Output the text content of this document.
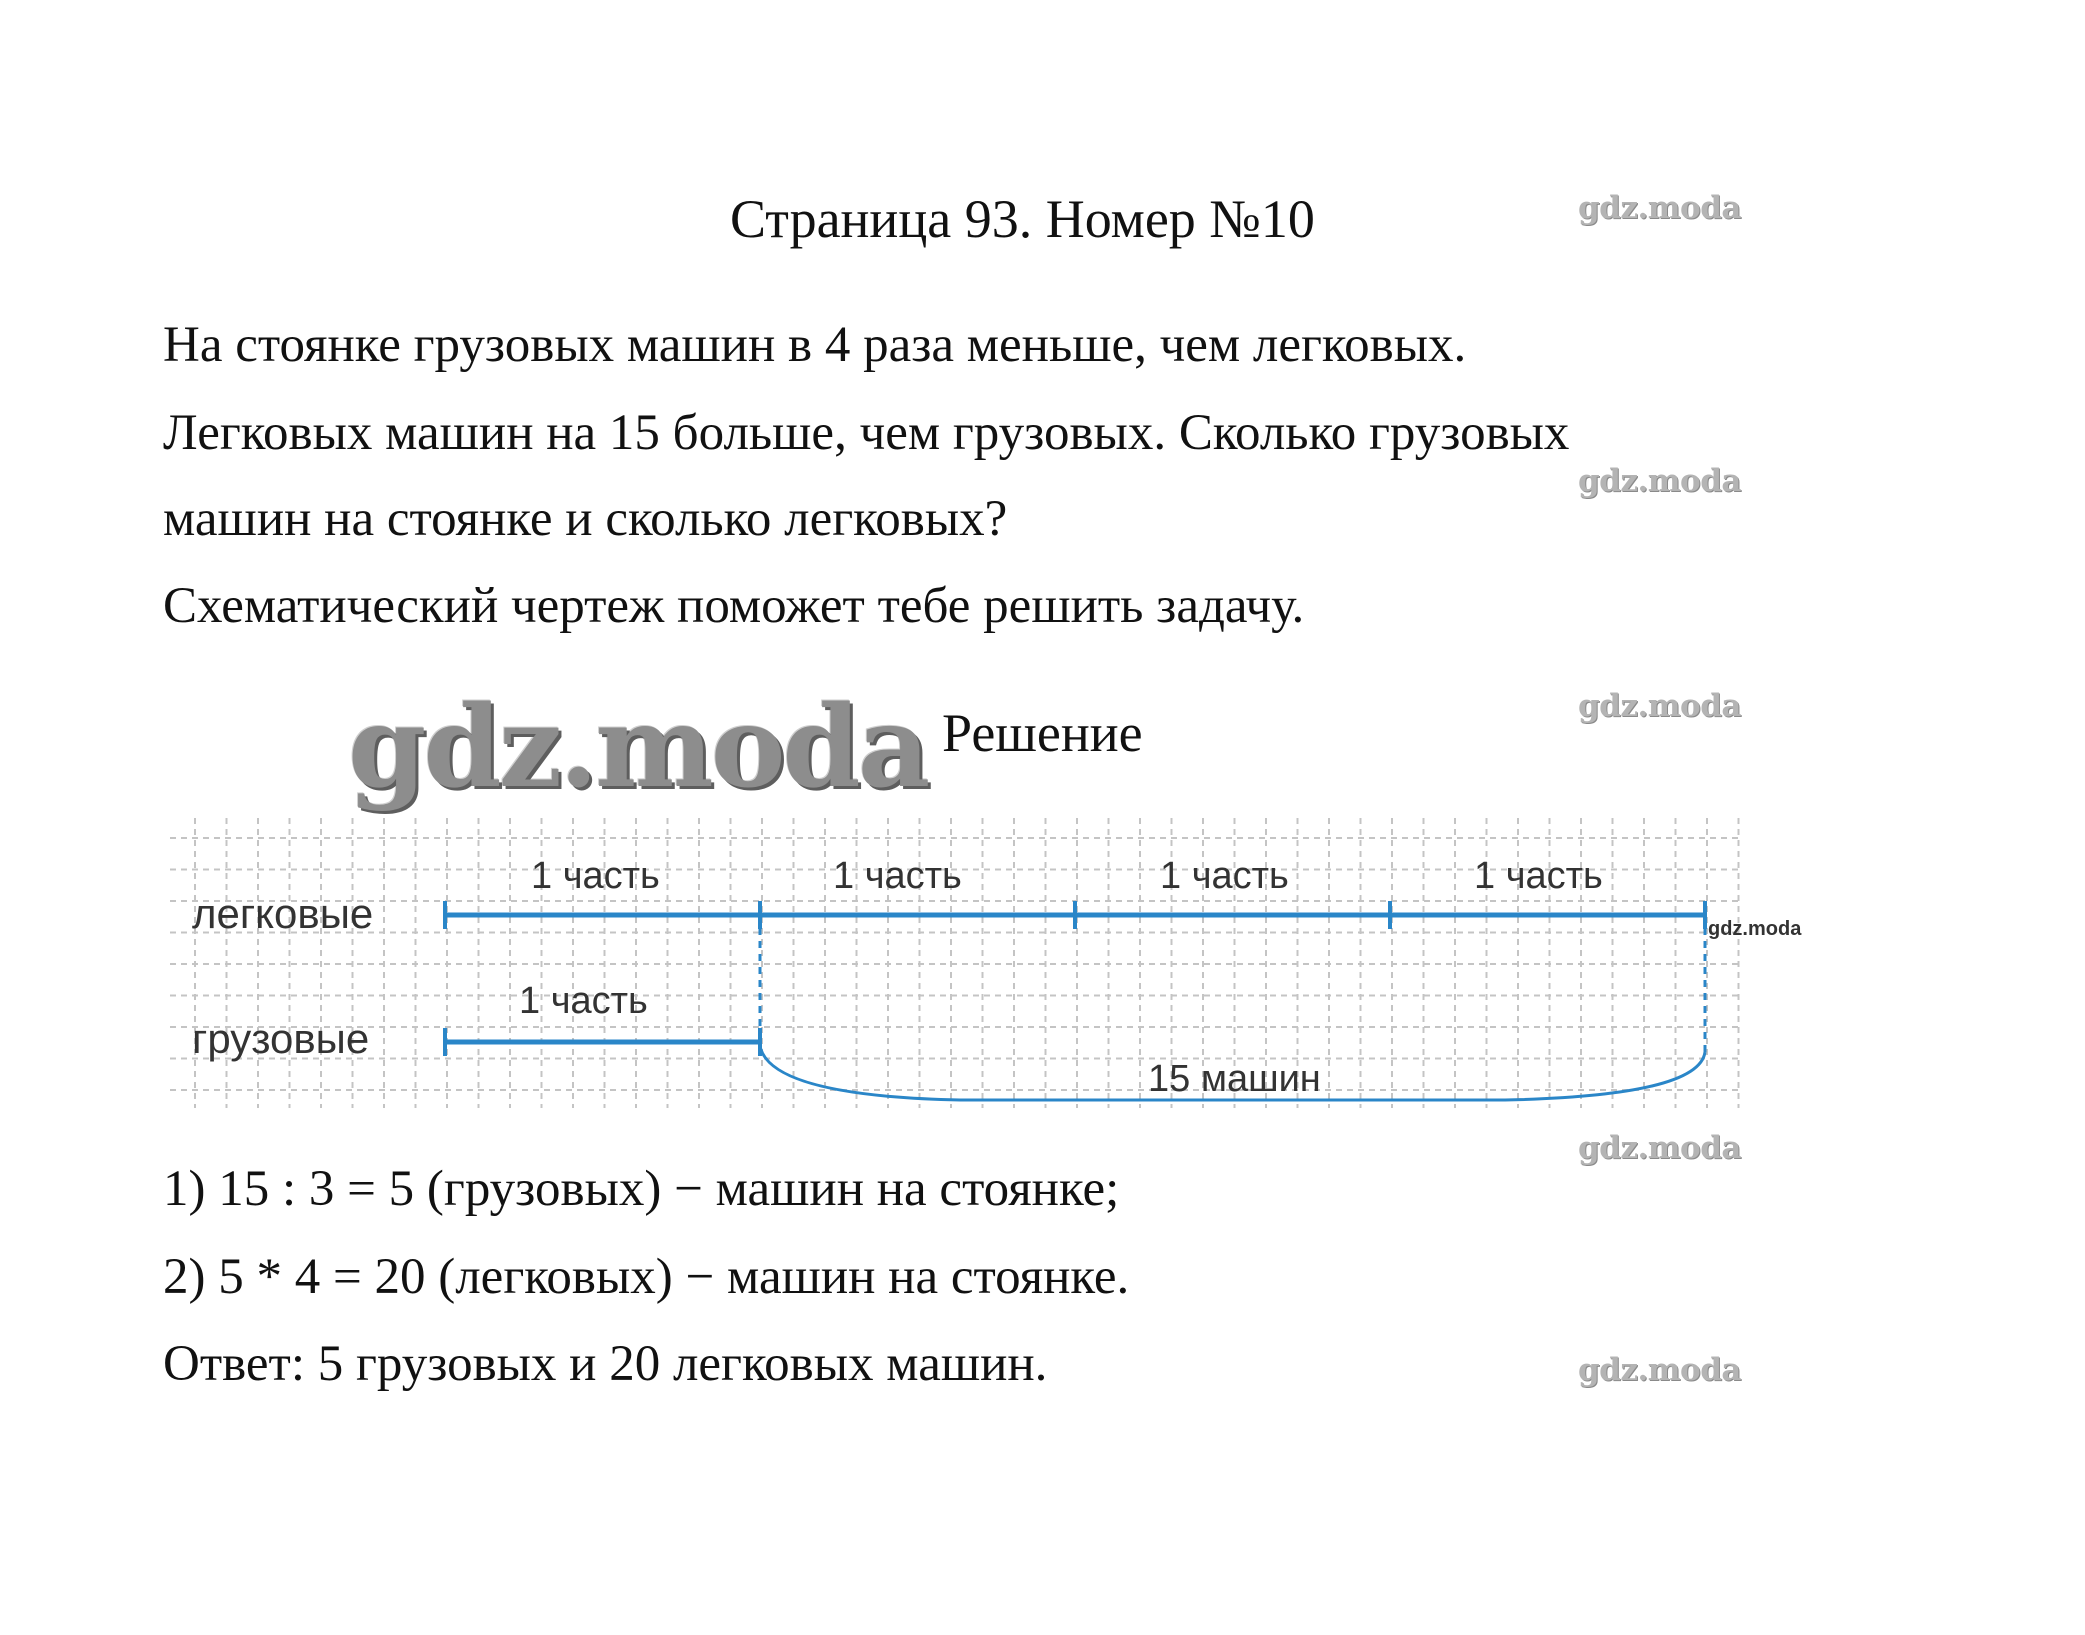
Страница 93. Номер №10	gdz.moda
gdz.moda
gdz.moda
gdz.moda
gdz.moda
На стоянке грузовых машин в 4 раза меньше, чем легковых.
Легковых машин на 15 больше, чем грузовых. Сколько грузовых
машин на стоянке и сколько легковых?
Схематический чертеж поможет тебе решить задачу.
gdz.moda Решение
легковые
грузовые
1 часть	1 часть	1 часть	1 часть
1 часть
15 машин
gdz.moda
1) 15 : 3 = 5 (грузовых) − машин на стоянке;
2) 5 * 4 = 20 (легковых) − машин на стоянке.
Ответ: 5 грузовых и 20 легковых машин.
